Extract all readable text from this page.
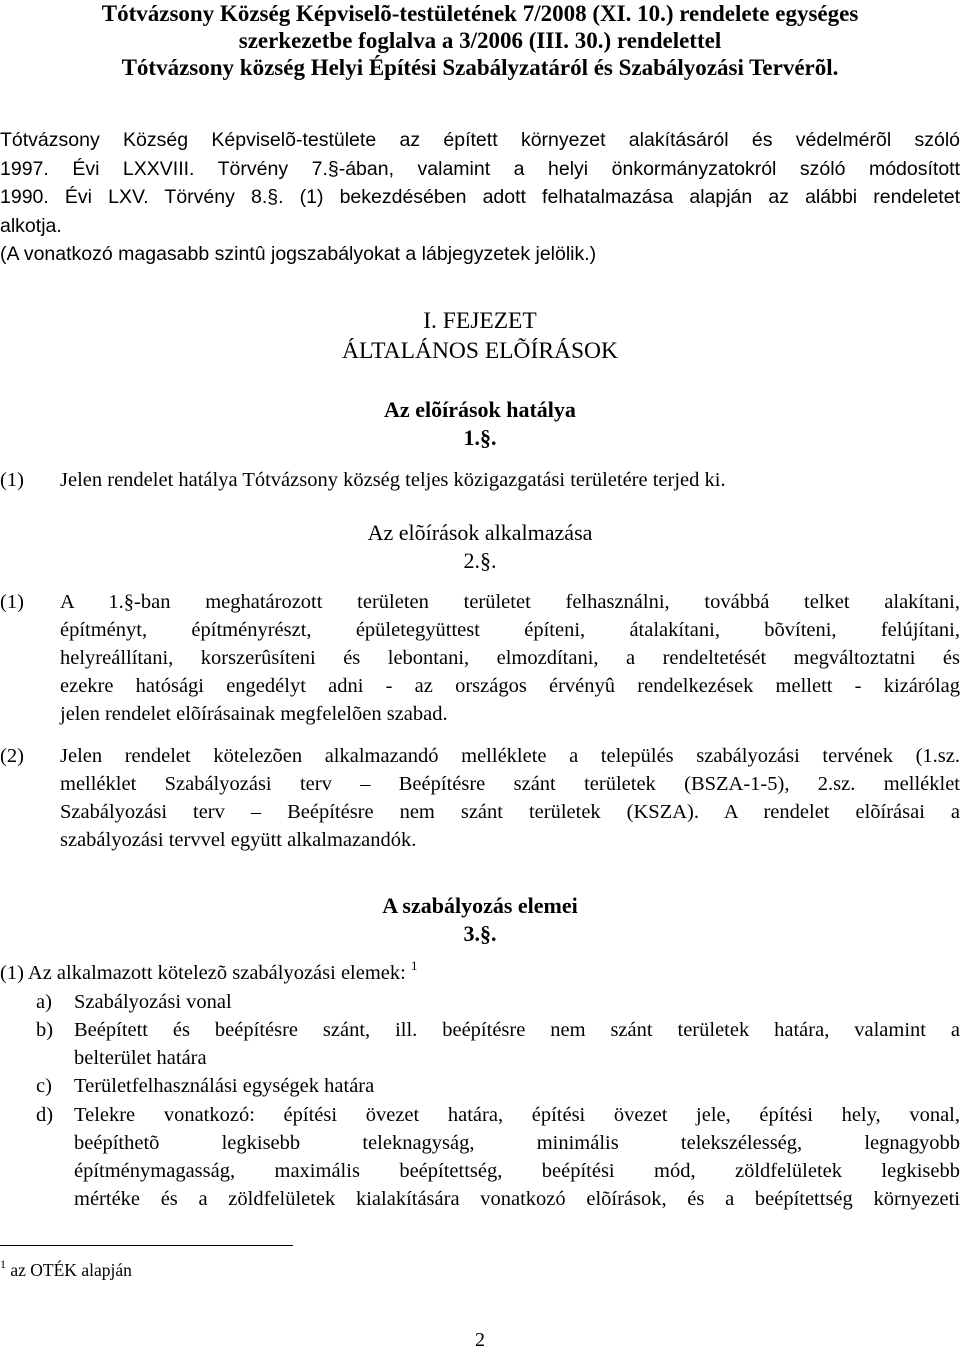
Tótvázsony Község Képviselõ-testületének 7/2008 (XI. 10.) rendelete egységes
szerkezetbe foglalva a 3/2006 (III. 30.) rendelettel
Tótvázsony község Helyi Építési Szabályzatáról és Szabályozási Tervérõl.
Tótvázsony Község Képviselõ-testülete az épített környezet alakításáról és védelmérõl szóló
1997. Évi LXXVIII. Törvény 7.§-ában, valamint a helyi önkormányzatokról szóló módosított
1990. Évi LXV. Törvény 8.§. (1) bekezdésében adott felhatalmazása alapján az alábbi rendeletet
alkotja.
(A vonatkozó magasabb szintû jogszabályokat a lábjegyzetek jelölik.)
I. FEJEZET
ÁLTALÁNOS ELÕÍRÁSOK
Az elõírások hatálya
1.§.
(1) Jelen rendelet hatálya Tótvázsony község teljes közigazgatási területére terjed ki.
Az elõírások alkalmazása
2.§.
(1) A 1.§-ban meghatározott területen területet felhasználni, továbbá telket alakítani,
építményt, építményrészt, épületegyüttest építeni, átalakítani, bõvíteni, felújítani,
helyreállítani, korszerûsíteni és lebontani, elmozdítani, a rendeltetését megváltoztatni és
ezekre hatósági engedélyt adni - az országos érvényû rendelkezések mellett - kizárólag
jelen rendelet elõírásainak megfelelõen szabad.
(2) Jelen rendelet kötelezõen alkalmazandó melléklete a település szabályozási tervének (1.sz.
melléklet Szabályozási terv – Beépítésre szánt területek (BSZA-1-5), 2.sz. melléklet
Szabályozási terv – Beépítésre nem szánt területek (KSZA). A rendelet elõírásai a
szabályozási tervvel együtt alkalmazandók.
A szabályozás elemei
3.§.
(1) Az alkalmazott kötelezõ szabályozási elemek: $^1$
a) Szabályozási vonal
b) Beépített és beépítésre szánt, ill. beépítésre nem szánt területek határa, valamint a
belterület határa
c) Területfelhasználási egységek határa
d) Telekre vonatkozó: építési övezet határa, építési övezet jele, építési hely, vonal,
beépíthetõ legkisebb teleknagyság, minimális telekszélesség, legnagyobb
építménymagasság, maximális beépítettség, beépítési mód, zöldfelületek legkisebb
mértéke és a zöldfelületek kialakítására vonatkozó elõírások, és a beépítettség környezeti
$^1$ az OTÉK alapján
2
